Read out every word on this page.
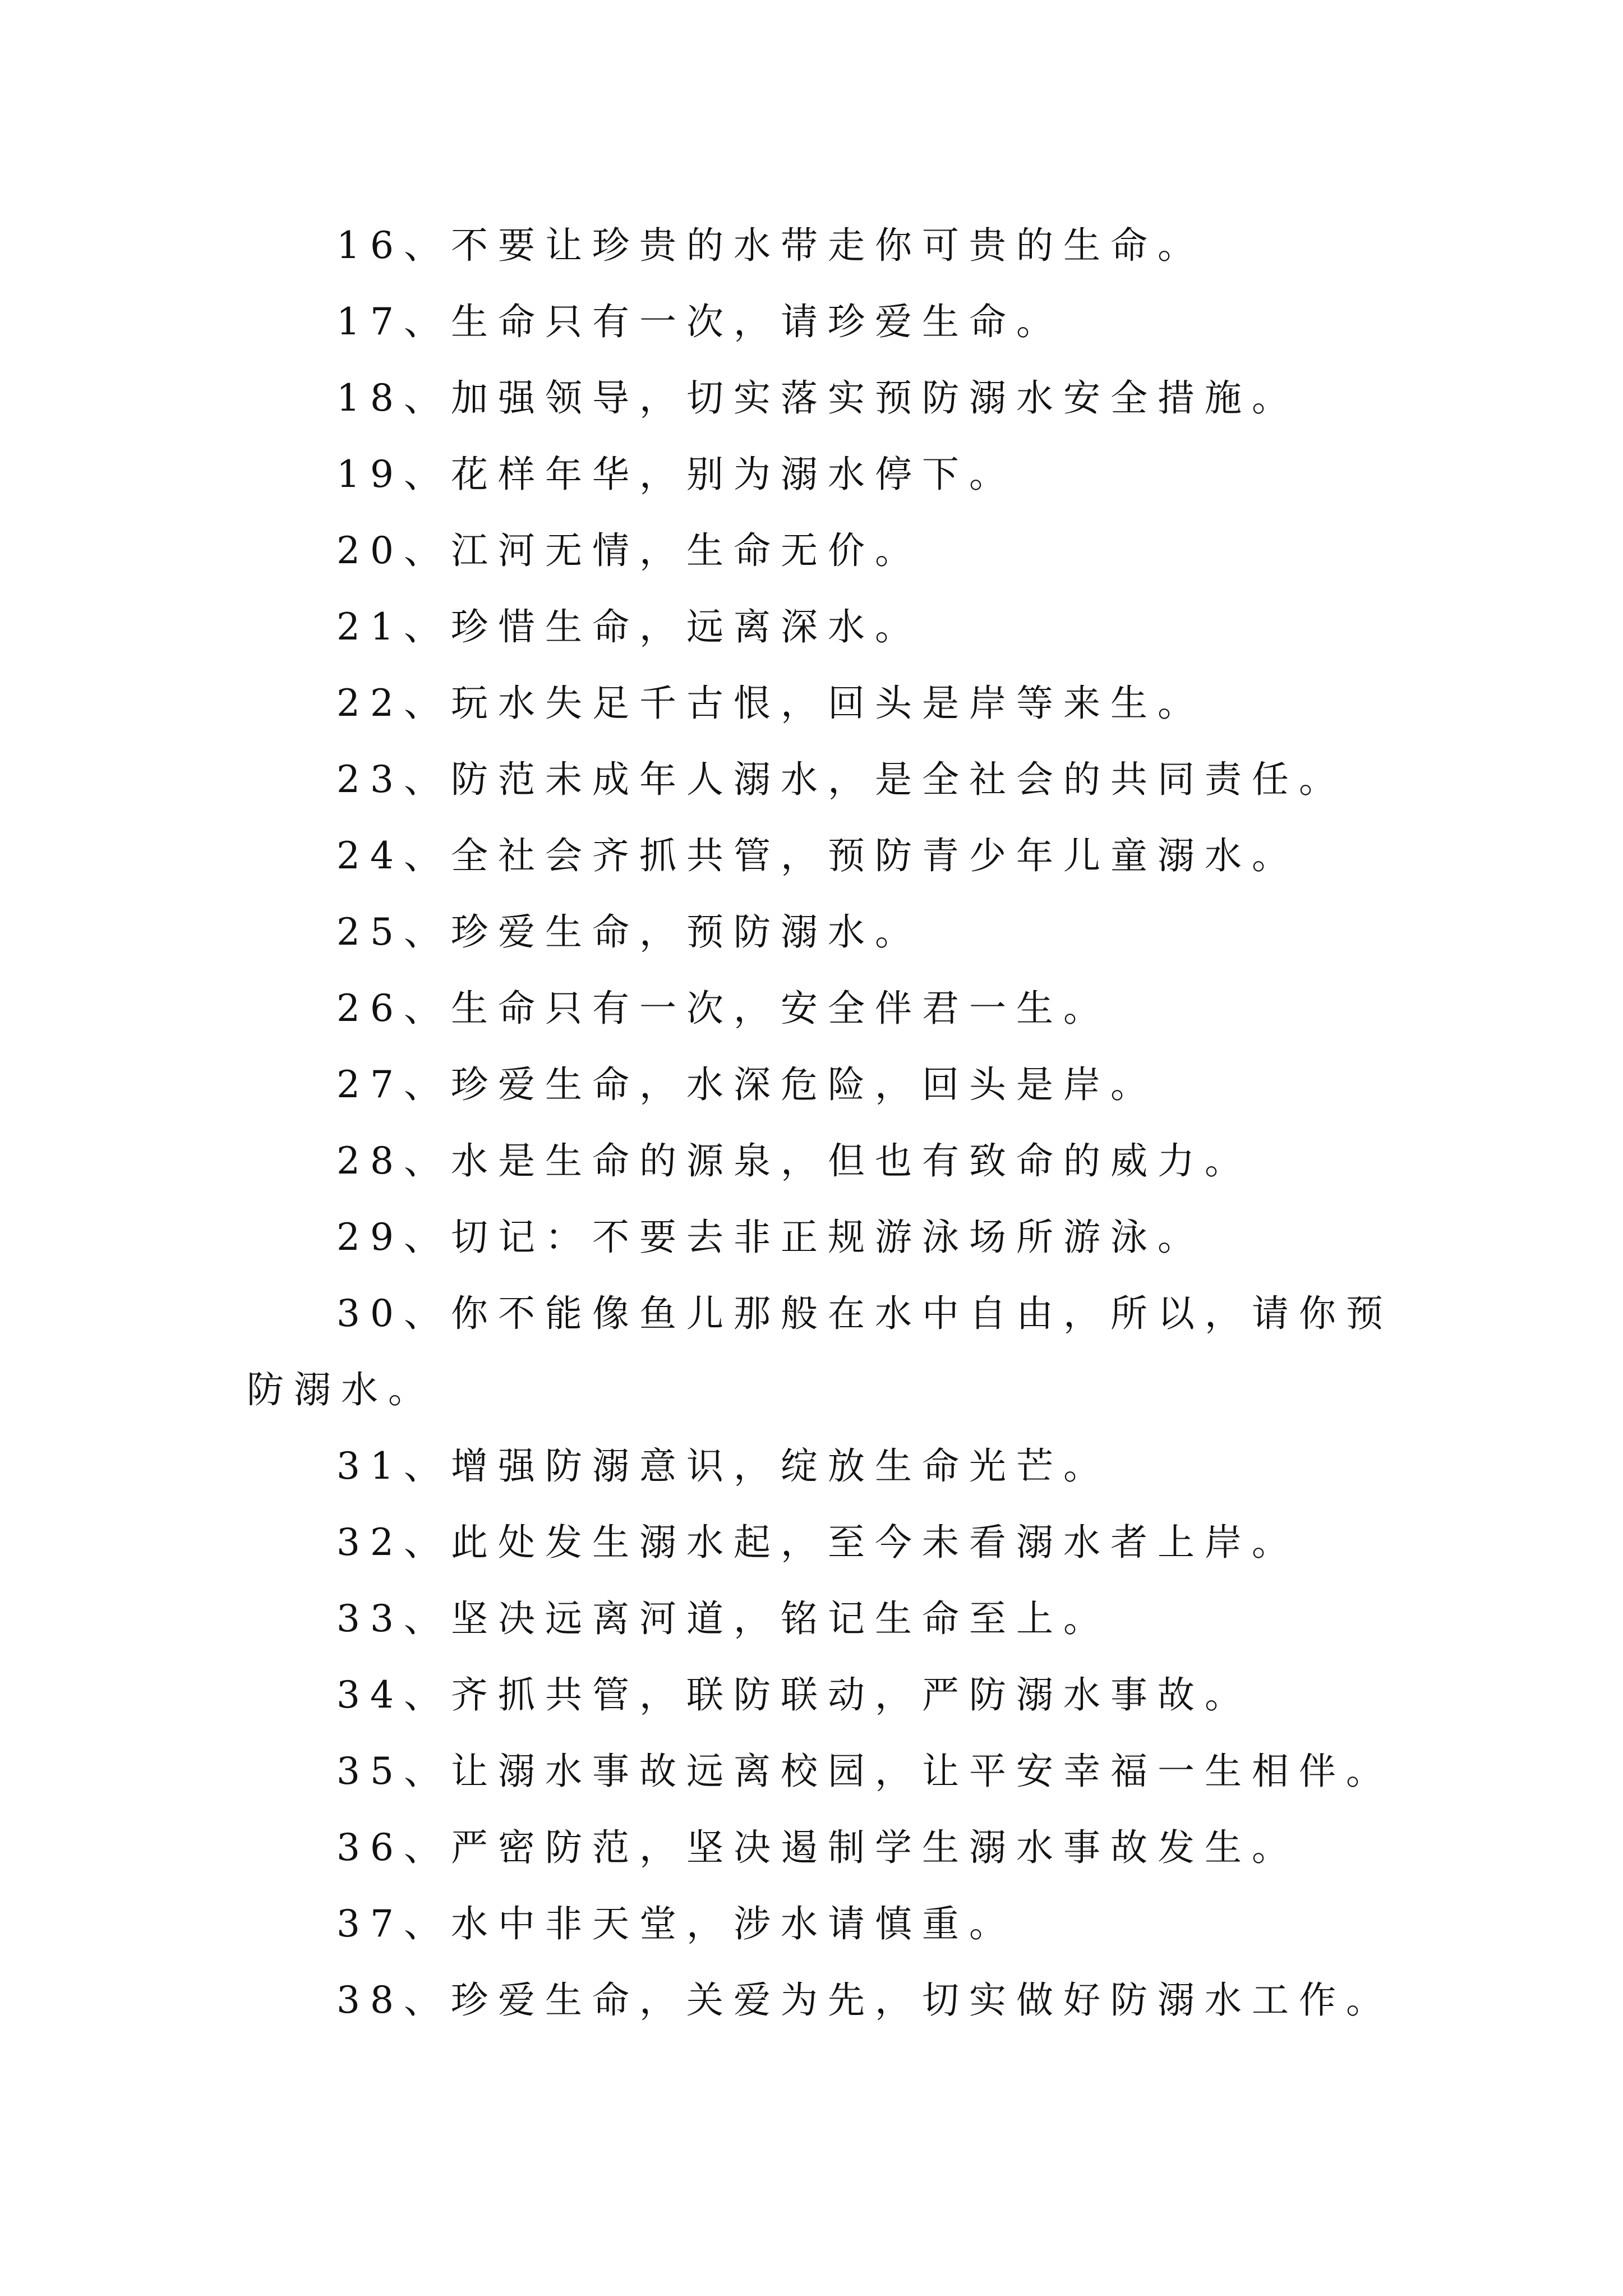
16、不要让珍贵的水带走你可贵的生命。

17、生命只有一次，请珍爱生命。

18、加强领导，切实落实预防溺水安全措施。

19、花样年华，别为溺水停下。

20、江河无情，生命无价。

21、珍惜生命，远离深水。

22、玩水失足千古恨，回头是岸等来生。

23、防范未成年人溺水，是全社会的共同责任。

24、全社会齐抓共管，预防青少年儿童溺水。

25、珍爱生命，预防溺水。

26、生命只有一次，安全伴君一生。

27、珍爱生命，水深危险，回头是岸。

28、水是生命的源泉，但也有致命的威力。

29、切记：不要去非正规游泳场所游泳。

30、你不能像鱼儿那般在水中自由，所以，请你预防溺水。

31、增强防溺意识，绽放生命光芒。

32、此处发生溺水起，至今未看溺水者上岸。

33、坚决远离河道，铭记生命至上。

34、齐抓共管，联防联动，严防溺水事故。

35、让溺水事故远离校园，让平安幸福一生相伴。

36、严密防范，坚决遏制学生溺水事故发生。

37、水中非天堂，涉水请慎重。

38、珍爱生命，关爱为先，切实做好防溺水工作。
